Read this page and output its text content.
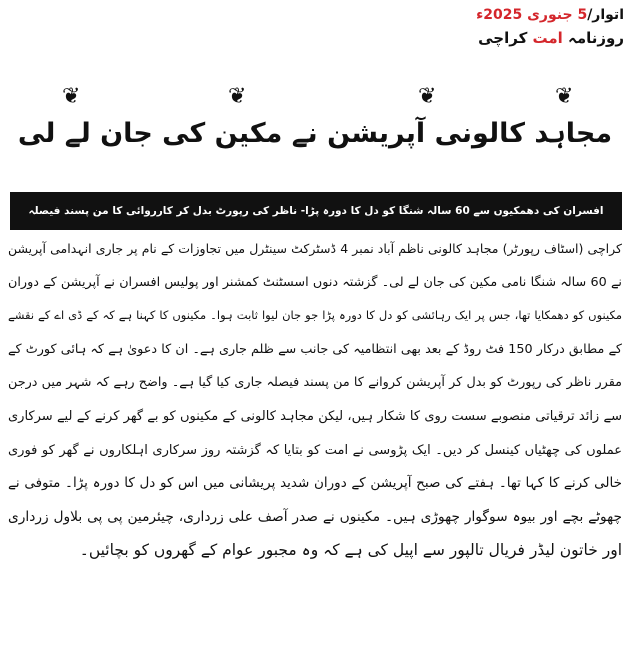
اتوار/5 جنوری 2025ء
روزنامہ امت کراچی
❦	❦	❦	❦
مجاہد کالونی آپریشن نے مکین کی جان لے لی
افسران کی دھمکیوں سے 60 سالہ شنگا کو دل کا دورہ پڑا- ناظر کی رپورٹ بدل کر کارروائی کا من پسند فیصلہ
کراچی (اسٹاف رپورٹر) مجاہد کالونی ناظم آباد نمبر 4 ڈسٹرکٹ سینٹرل میں تجاوزات کے نام پر جاری انہدامی آپریشن
نے 60 سالہ شنگا نامی مکین کی جان لے لی۔ گزشتہ دنوں اسسٹنٹ کمشنر اور پولیس افسران نے آپریشن کے دوران
مکینوں کو دھمکایا تھا، جس پر ایک رہائشی کو دل کا دورہ پڑا جو جان لیوا ثابت ہوا۔ مکینوں کا کہنا ہے کہ کے ڈی اے کے نقشے
کے مطابق درکار 150 فٹ روڈ کے بعد بھی انتظامیہ کی جانب سے ظلم جاری ہے۔ ان کا دعویٰ ہے کہ ہائی کورٹ کے
مقرر ناظر کی رپورٹ کو بدل کر آپریشن کروانے کا من پسند فیصلہ جاری کیا گیا ہے۔ واضح رہے کہ شہر میں درجن
سے زائد ترقیاتی منصوبے سست روی کا شکار ہیں، لیکن مجاہد کالونی کے مکینوں کو بے گھر کرنے کے لیے سرکاری
عملوں کی چھٹیاں کینسل کر دیں۔ ایک پڑوسی نے امت کو بتایا کہ گزشتہ روز سرکاری اہلکاروں نے گھر کو فوری
خالی کرنے کا کہا تھا۔ ہفتے کی صبح آپریشن کے دوران شدید پریشانی میں اس کو دل کا دورہ پڑا۔ متوفی نے
چھوٹے بچے اور بیوہ سوگوار چھوڑی ہیں۔ مکینوں نے صدر آصف علی زرداری، چیئرمین پی پی بلاول زرداری
اور خاتون لیڈر فریال تالپور سے اپیل کی ہے کہ وہ مجبور عوام کے گھروں کو بچائیں۔
